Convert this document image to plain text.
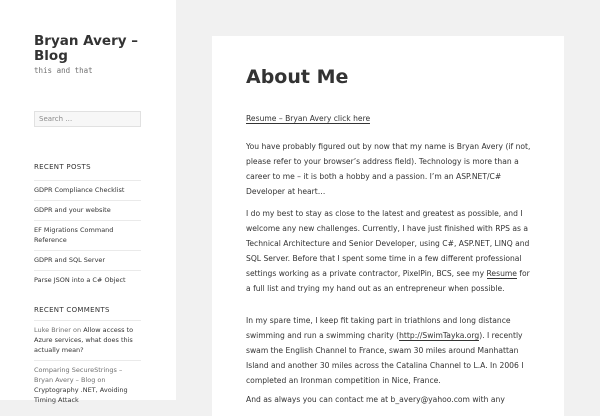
Bryan Avery – Blog
this and that
Search …
RECENT POSTS
GDPR Compliance Checklist
GDPR and your website
EF Migrations Command Reference
GDPR and SQL Server
Parse JSON into a C# Object
RECENT COMMENTS
Luke Briner on Allow access to Azure services, what does this actually mean?
Comparing SecureStrings – Bryan Avery – Blog on Cryptography .NET, Avoiding Timing Attack
About Me

Resume – Bryan Avery click here

You have probably figured out by now that my name is Bryan Avery (if not, please refer to your browser’s address field). Technology is more than a career to me – it is both a hobby and a passion. I’m an ASP.NET/C# Developer at heart…

I do my best to stay as close to the latest and greatest as possible, and I welcome any new challenges. Currently, I have just finished with RPS as a Technical Architecture and Senior Developer, using C#, ASP.NET, LINQ and SQL Server. Before that I spent some time in a few different professional settings working as a private contractor, PixelPin, BCS, see my Resume for a full list and trying my hand out as an entrepreneur when possible.

In my spare time, I keep fit taking part in triathlons and long distance swimming and run a swimming charity (http://SwimTayka.org). I recently swam the English Channel to France, swam 30 miles around Manhattan Island and another 30 miles across the Catalina Channel to L.A. In 2006 I completed an Ironman competition in Nice, France.

And as always you can contact me at b_avery@yahoo.com with any
